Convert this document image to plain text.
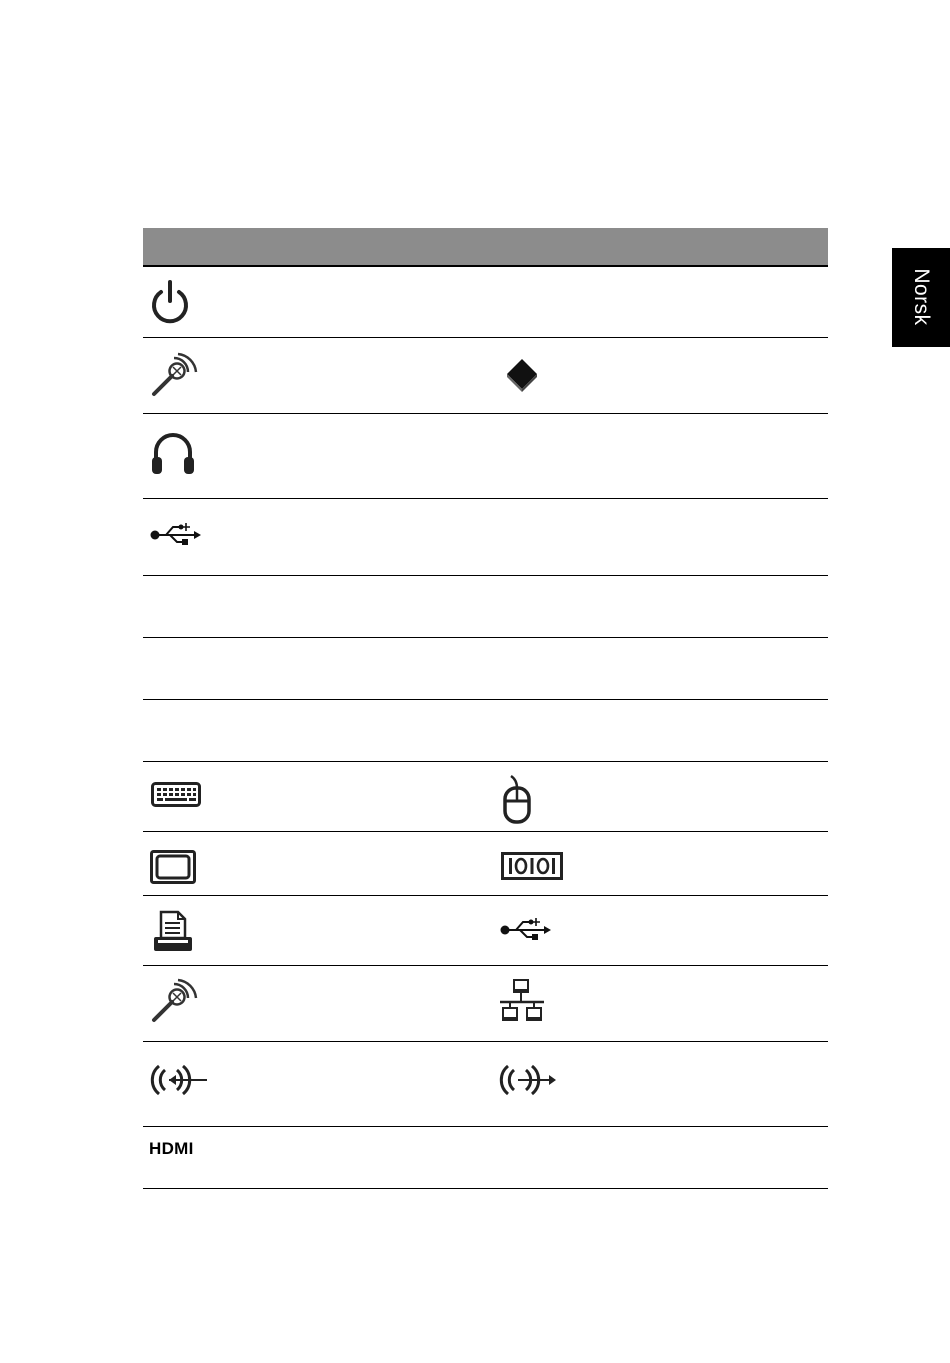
Norsk
HDMI
